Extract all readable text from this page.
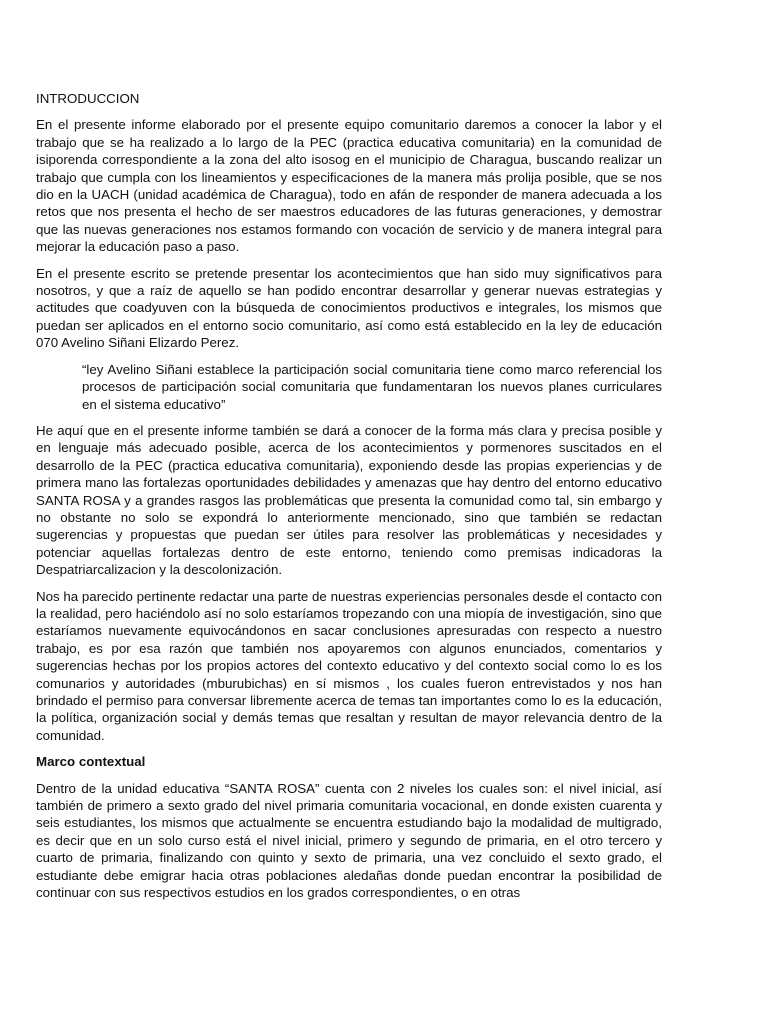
INTRODUCCION

En el presente informe elaborado por el presente equipo comunitario daremos a conocer la labor y el trabajo que se ha realizado a lo largo de la PEC (practica educativa comunitaria) en la comunidad de isiporenda correspondiente a la zona del alto isosog en el municipio de Charagua, buscando realizar un trabajo que cumpla con los lineamientos y especificaciones de la manera más prolija posible, que se nos dio en la UACH (unidad académica de Charagua), todo en afán de responder de manera adecuada a los retos que nos presenta el hecho de ser maestros educadores de las futuras generaciones, y demostrar que las nuevas generaciones nos estamos formando con vocación de servicio y de manera integral para mejorar la educación paso a paso.

En el presente escrito se pretende presentar los acontecimientos que han sido muy significativos para nosotros, y que a raíz de aquello se han podido encontrar desarrollar y generar nuevas estrategias y actitudes que coadyuven con la búsqueda de conocimientos productivos e integrales, los mismos que puedan ser aplicados en el entorno socio comunitario, así como está establecido en la ley de educación 070 Avelino Siñani Elizardo Perez.

“ley Avelino Siñani establece la participación social comunitaria tiene como marco referencial los procesos de participación social comunitaria que fundamentaran los nuevos planes curriculares en el sistema educativo”

He aquí que en el presente informe también se dará a conocer de la forma más clara y precisa posible y en lenguaje más adecuado posible, acerca de los acontecimientos y pormenores suscitados en el desarrollo de la PEC (practica educativa comunitaria), exponiendo desde las propias experiencias y de primera mano las fortalezas oportunidades debilidades y amenazas que hay dentro del entorno educativo SANTA ROSA y a grandes rasgos las problemáticas que presenta la comunidad como tal, sin embargo y no obstante no solo se expondrá lo anteriormente mencionado, sino que también se redactan sugerencias y propuestas que puedan ser útiles para resolver las problemáticas y necesidades y potenciar aquellas fortalezas dentro de este entorno, teniendo como premisas indicadoras la Despatriarcalizacion y la descolonización.

Nos ha parecido pertinente redactar una parte de nuestras experiencias personales desde el contacto con la realidad, pero haciéndolo así no solo estaríamos tropezando con una miopía de investigación, sino que estaríamos nuevamente equivocándonos en sacar conclusiones apresuradas con respecto a nuestro trabajo, es por esa razón que también nos apoyaremos con algunos enunciados, comentarios y sugerencias hechas por los propios actores del contexto educativo y del contexto social como lo es los comunarios y autoridades (mburubichas) en sí mismos , los cuales fueron entrevistados y nos han brindado el permiso para conversar libremente acerca de temas tan importantes como lo es la educación, la política, organización social y demás temas que resaltan y resultan de mayor relevancia dentro de la comunidad.

Marco contextual

Dentro de la unidad educativa “SANTA ROSA” cuenta con 2 niveles los cuales son: el nivel inicial, así también de primero a sexto grado del nivel primaria comunitaria vocacional, en donde existen cuarenta y seis estudiantes, los mismos que actualmente se encuentra estudiando bajo la modalidad de multigrado, es decir que en un solo curso está el nivel inicial, primero y segundo de primaria, en el otro tercero y cuarto de primaria, finalizando con quinto y sexto de primaria, una vez concluido el sexto grado, el estudiante debe emigrar hacia otras poblaciones aledañas donde puedan encontrar la posibilidad de continuar con sus respectivos estudios en los grados correspondientes, o en otras
